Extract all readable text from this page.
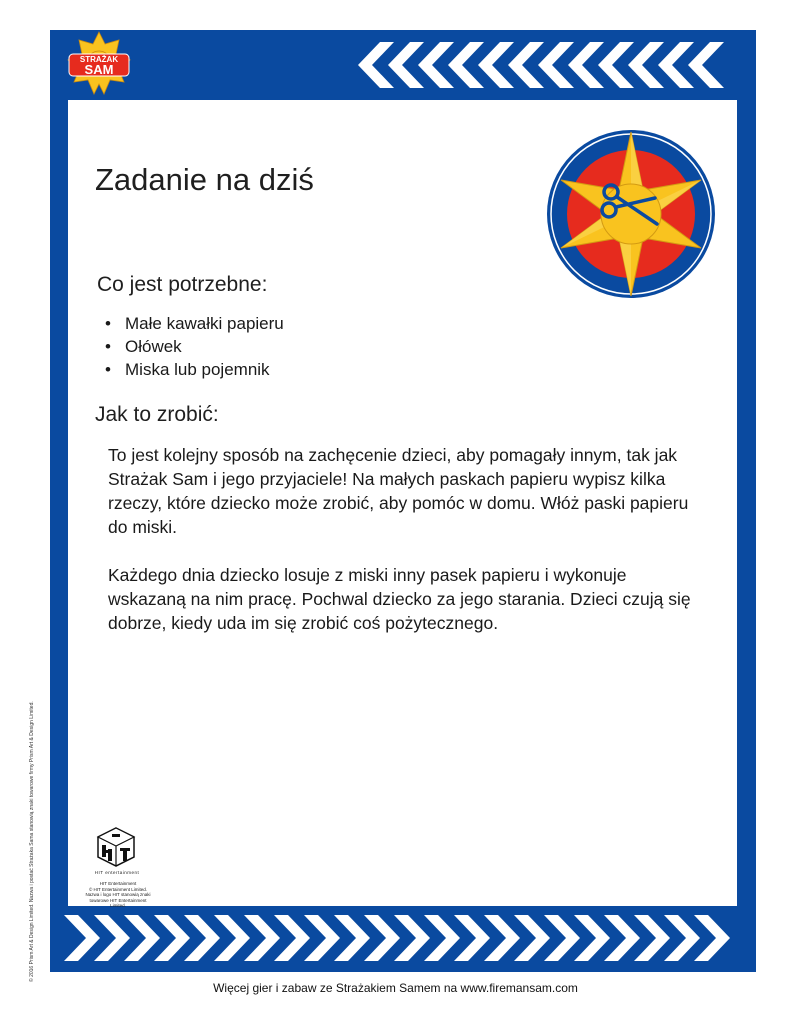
STRAŻAK
SAM
Zadanie na dziś
Co jest potrzebne:
• Małe kawałki papieru
• Ołówek
• Miska lub pojemnik
Jak to zrobić:

To jest kolejny sposób na zachęcenie dzieci, aby pomagały innym, tak jak Strażak Sam i jego przyjaciele! Na małych paskach papieru wypisz kilka rzeczy, które dziecko może zrobić, aby pomóc w domu. Włóż paski papieru do miski.

Każdego dnia dziecko losuje z miski inny pasek papieru i wykonuje wskazaną na nim pracę. Pochwal dziecko za jego starania. Dzieci czują się dobrze, kiedy uda im się zrobić coś pożytecznego.

© 2016 Prism Art & Design Limited. Nazwa i postać Strażaka Sama stanowią znaki towarowe firmy Prism Art & Design Limited.	HIT entertainment
HIT Entertainment
© HIT Entertainment Limited.
Nazwa i logo HIT stanowią znaki
towarowe HIT Entertainment Limited.
Więcej gier i zabaw ze Strażakiem Samem na www.firemansam.com
